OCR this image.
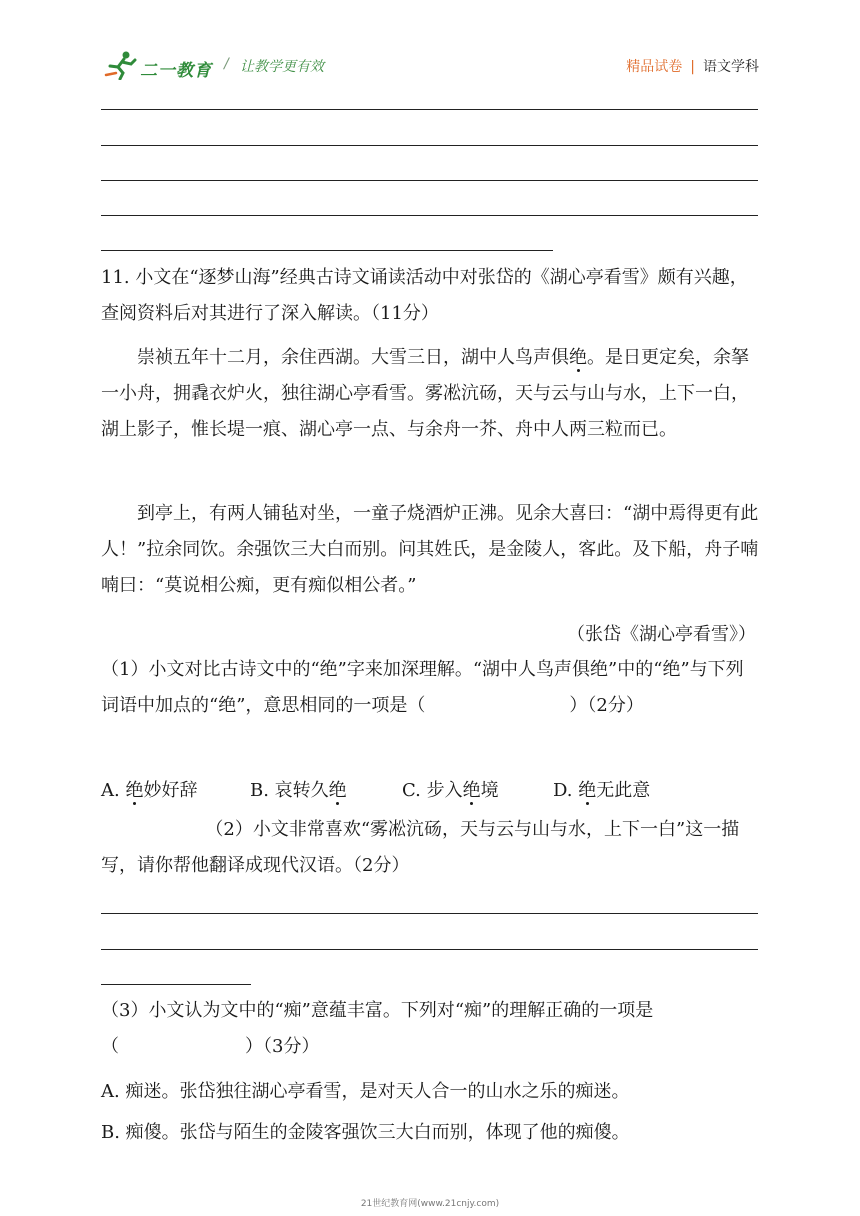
二一教育 / 让教学更有效	精品试卷 | 语文学科
11. 小文在“逐梦山海”经典古诗文诵读活动中对张岱的《湖心亭看雪》颇有兴趣，查阅资料后对其进行了深入解读。（11分）
崇祯五年十二月，余住西湖。大雪三日，湖中人鸟声俱绝。是日更定矣，余拏一小舟，拥毳衣炉火，独往湖心亭看雪。雾凇沆砀，天与云与山与水，上下一白，湖上影子，惟长堤一痕、湖心亭一点、与余舟一芥、舟中人两三粒而已。
到亭上，有两人铺毡对坐，一童子烧酒炉正沸。见余大喜曰：“湖中焉得更有此人！”拉余同饮。余强饮三大白而别。问其姓氏，是金陵人，客此。及下船，舟子喃喃曰：“莫说相公痴，更有痴似相公者。”
（张岱《湖心亭看雪》）
（1）小文对比古诗文中的“绝”字来加深理解。“湖中人鸟声俱绝”中的“绝”与下列词语中加点的“绝”，意思相同的一项是（　　　　　　　　）（2分）
A. 绝妙好辞	B. 哀转久绝	C. 步入绝境	D. 绝无此意
（2）小文非常喜欢“雾凇沆砀，天与云与山与水，上下一白”这一描写，请你帮他翻译成现代汉语。（2分）
（3）小文认为文中的“痴”意蕴丰富。下列对“痴”的理解正确的一项是（　　　　　　　）（3分）
A. 痴迷。张岱独往湖心亭看雪，是对天人合一的山水之乐的痴迷。
B. 痴傻。张岱与陌生的金陵客强饮三大白而别，体现了他的痴傻。
21世纪教育网(www.21cnjy.com)
